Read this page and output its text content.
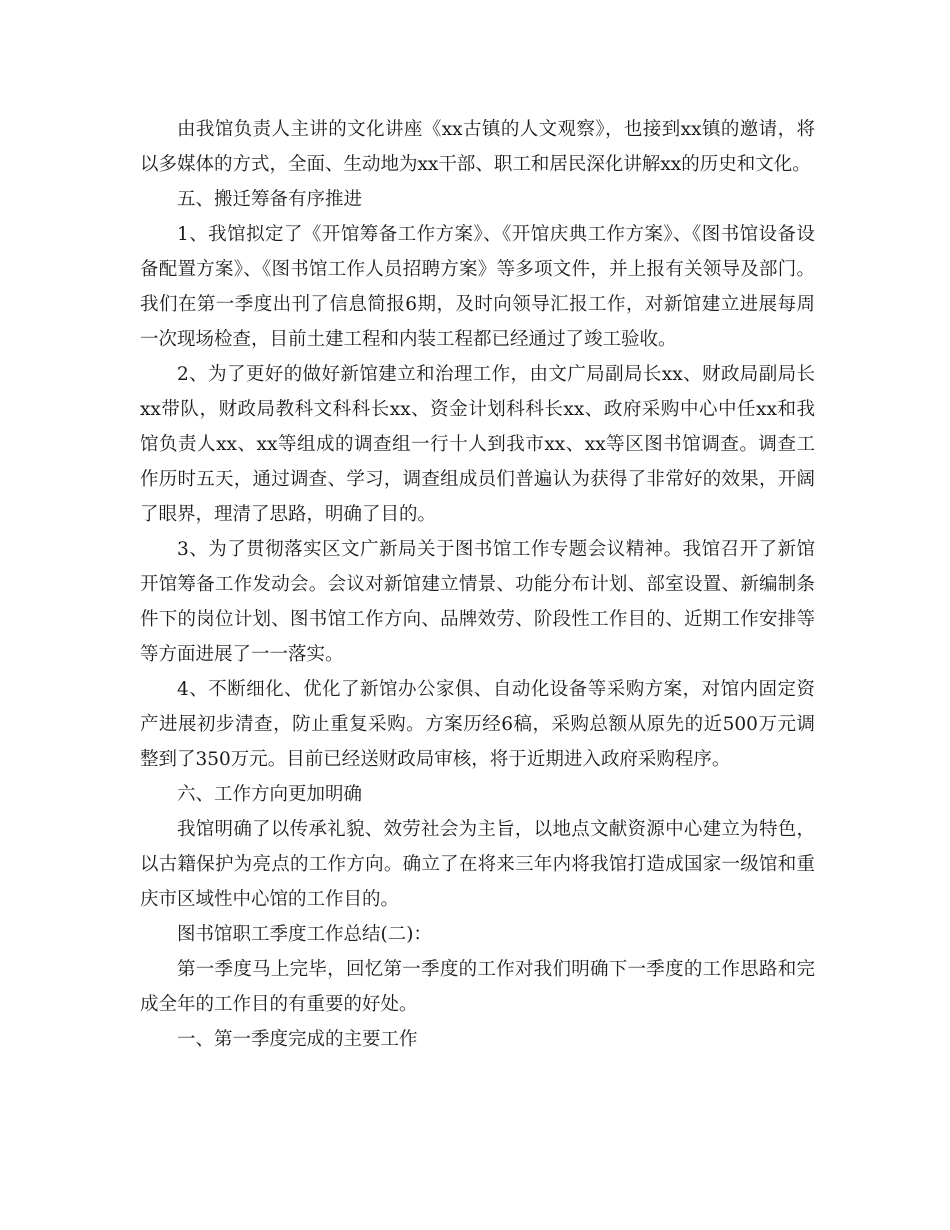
由我馆负责人主讲的文化讲座《xx古镇的人文观察》，也接到xx镇的邀请，将以多媒体的方式，全面、生动地为xx干部、职工和居民深化讲解xx的历史和文化。

五、搬迁筹备有序推进

1、我馆拟定了《开馆筹备工作方案》、《开馆庆典工作方案》、《图书馆设备设备配置方案》、《图书馆工作人员招聘方案》等多项文件，并上报有关领导及部门。我们在第一季度出刊了信息简报6期，及时向领导汇报工作，对新馆建立进展每周一次现场检查，目前土建工程和内装工程都已经通过了竣工验收。

2、为了更好的做好新馆建立和治理工作，由文广局副局长xx、财政局副局长xx带队，财政局教科文科科长xx、资金计划科科长xx、政府采购中心中任xx和我馆负责人xx、xx等组成的调查组一行十人到我市xx、xx等区图书馆调查。调查工作历时五天，通过调查、学习，调查组成员们普遍认为获得了非常好的效果，开阔了眼界，理清了思路，明确了目的。

3、为了贯彻落实区文广新局关于图书馆工作专题会议精神。我馆召开了新馆开馆筹备工作发动会。会议对新馆建立情景、功能分布计划、部室设置、新编制条件下的岗位计划、图书馆工作方向、品牌效劳、阶段性工作目的、近期工作安排等等方面进展了一一落实。

4、不断细化、优化了新馆办公家俱、自动化设备等采购方案，对馆内固定资产进展初步清查，防止重复采购。方案历经6稿，采购总额从原先的近500万元调整到了350万元。目前已经送财政局审核，将于近期进入政府采购程序。

六、工作方向更加明确

我馆明确了以传承礼貌、效劳社会为主旨，以地点文献资源中心建立为特色，以古籍保护为亮点的工作方向。确立了在将来三年内将我馆打造成国家一级馆和重庆市区域性中心馆的工作目的。

图书馆职工季度工作总结(二)：

第一季度马上完毕，回忆第一季度的工作对我们明确下一季度的工作思路和完成全年的工作目的有重要的好处。

一、第一季度完成的主要工作
